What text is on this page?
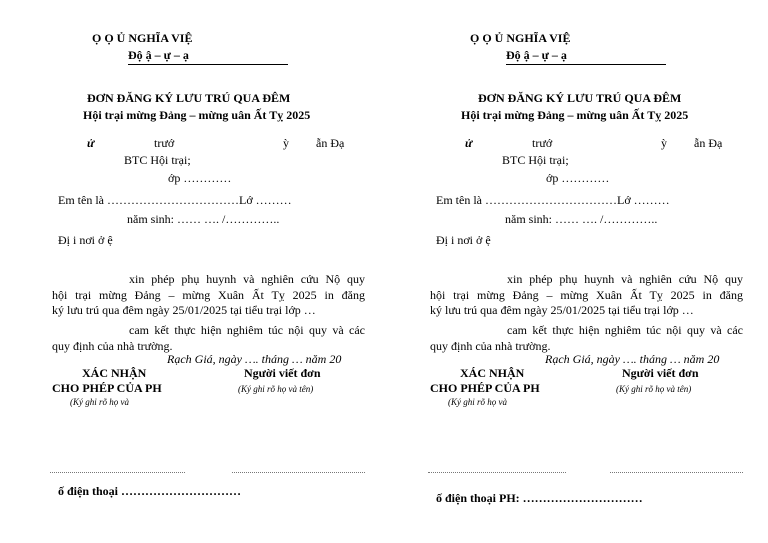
Ọ Ọ Ủ NGHĨA VIỆ
Độ ậ – ự – ạ
ĐƠN ĐĂNG KÝ LƯU TRÚ QUA ĐÊM
Hội trại mừng Đảng – mừng uân Ất Tỵ 2025
ử	trướ	ỳ ẫn Đạ
BTC Hội trại;
ớp …………
Em tên là ……………………………Lớ ………
năm sinh: …… …. /…………..
Đị i nơi ở ệ
xin phép phụ huynh và nghiên cứu Nộ quy
hội trại mừng Đảng – mừng Xuân Ất Tỵ 2025 in đăng
ký lưu trú qua đêm ngày 25/01/2025 tại tiểu trại lớp …
cam kết thực hiện nghiêm túc nội quy và các
quy định của nhà trường.
Rạch Giá, ngày …. tháng … năm 20
XÁC NHẬN
CHO PHÉP CỦA PH
(Ký ghi rõ họ và
Người viết đơn
(Ký ghi rõ họ và tên)
ố điện thoại …………………………
Ọ Ọ Ủ NGHĨA VIỆ
Độ ậ – ự – ạ
ĐƠN ĐĂNG KÝ LƯU TRÚ QUA ĐÊM
Hội trại mừng Đảng – mừng uân Ất Tỵ 2025
ử	trướ	ỳ ẫn Đạ
BTC Hội trại;
ớp …………
Em tên là ……………………………Lớ ………
năm sinh: …… …. /…………..
Đị i nơi ở ệ
xin phép phụ huynh và nghiên cứu Nộ quy
hội trại mừng Đảng – mừng Xuân Ất Tỵ 2025 in đăng
ký lưu trú qua đêm ngày 25/01/2025 tại tiểu trại lớp …
cam kết thực hiện nghiêm túc nội quy và các
quy định của nhà trường.
Rạch Giá, ngày …. tháng … năm 20
XÁC NHẬN
CHO PHÉP CỦA PH
(Ký ghi rõ họ và
Người viết đơn
(Ký ghi rõ họ và tên)
ố điện thoại PH: …………………………
